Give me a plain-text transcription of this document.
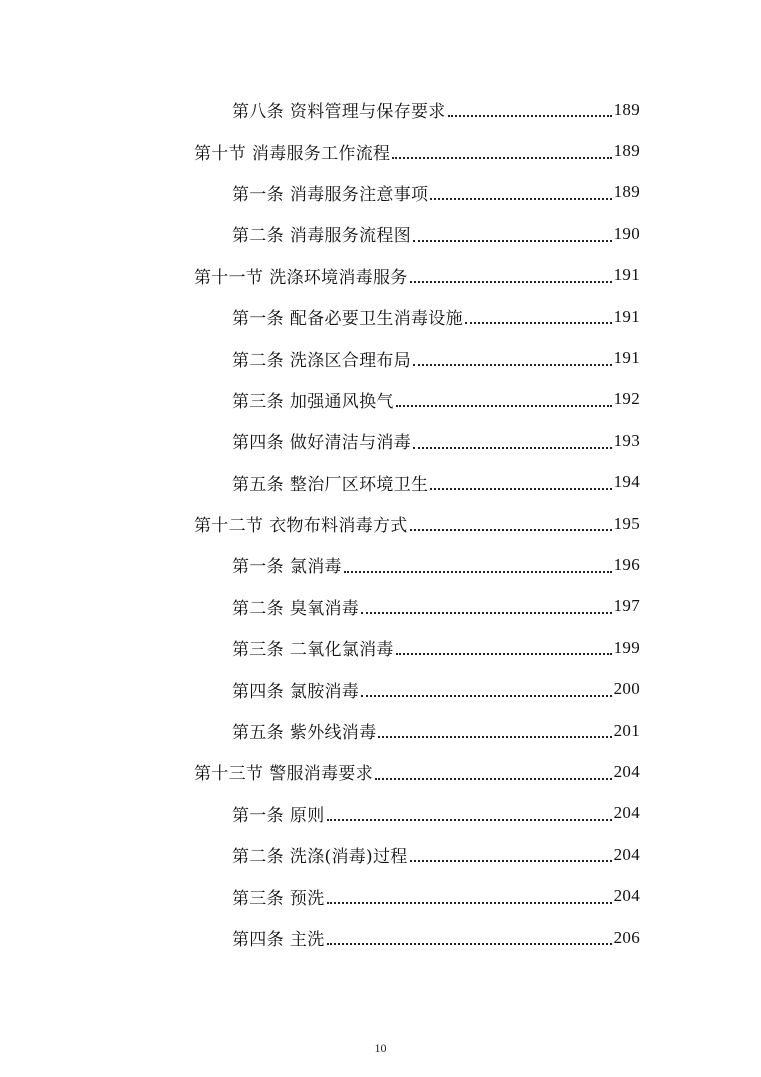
第八条 资料管理与保存要求	189
第十节 消毒服务工作流程	189
第一条 消毒服务注意事项	189
第二条 消毒服务流程图	190
第十一节 洗涤环境消毒服务	191
第一条 配备必要卫生消毒设施	191
第二条 洗涤区合理布局	191
第三条 加强通风换气	192
第四条 做好清洁与消毒	193
第五条 整治厂区环境卫生	194
第十二节 衣物布料消毒方式	195
第一条 氯消毒	196
第二条 臭氧消毒	197
第三条 二氧化氯消毒	199
第四条 氯胺消毒	200
第五条 紫外线消毒	201
第十三节 警服消毒要求	204
第一条 原则	204
第二条 洗涤(消毒)过程	204
第三条 预洗	204
第四条 主洗	206
10
